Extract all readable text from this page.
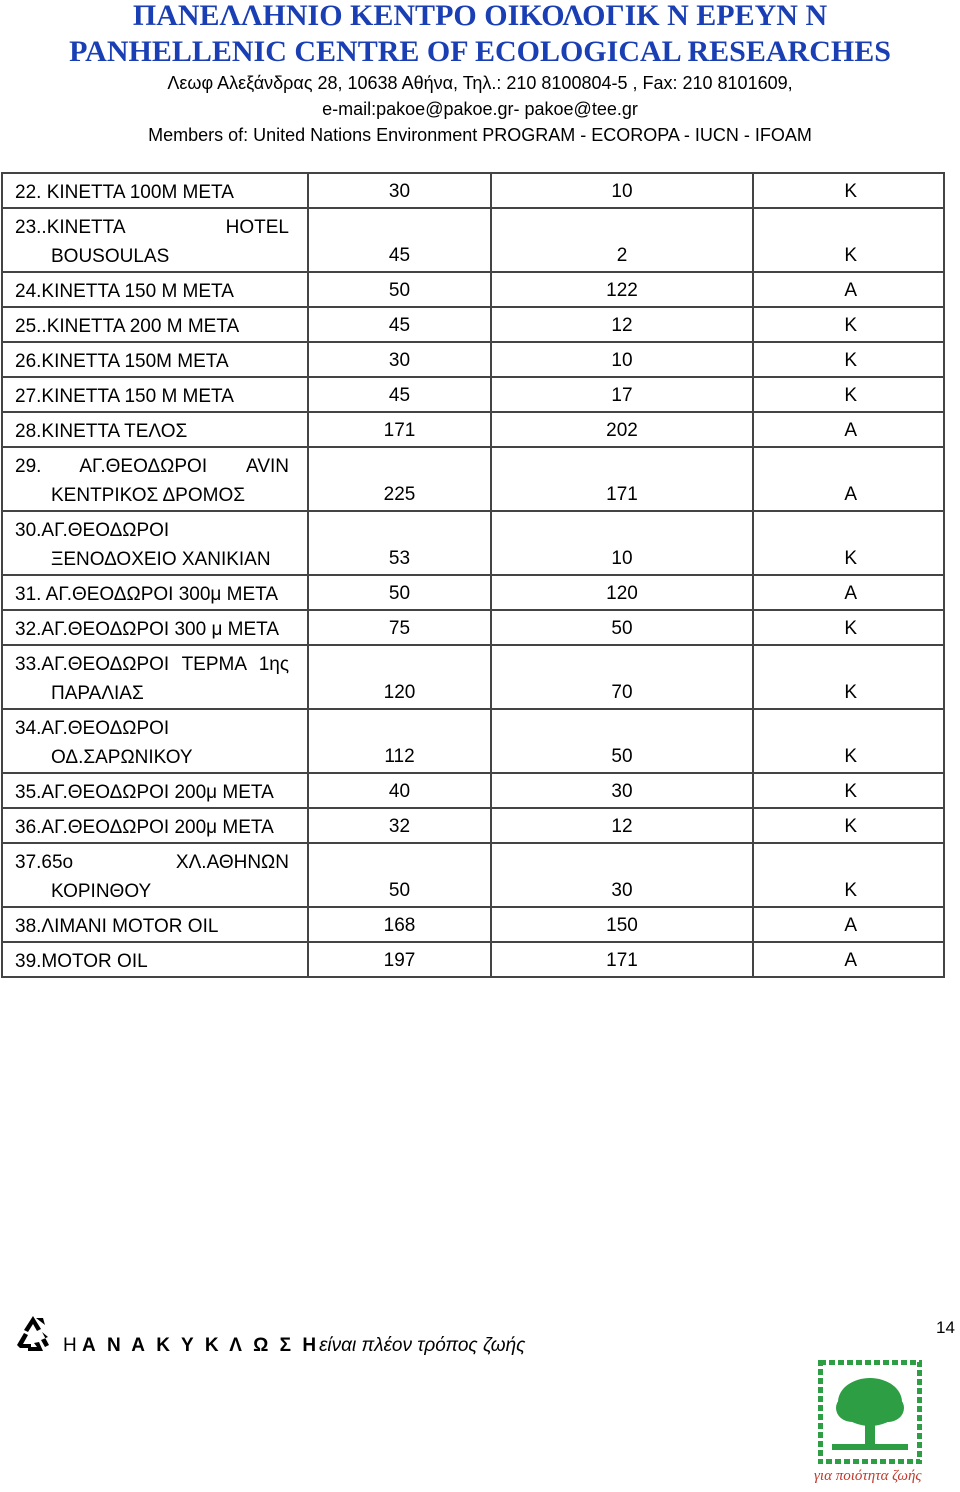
ΠΑΝΕΛΛΗΝΙΟ ΚΕΝΤΡΟ ΟΙΚΟΛΟΓΙΚ Ν ΕΡΕΥΝ Ν
PANHELLENIC CENTRE OF ECOLOGICAL RESEARCHES
Λεωφ Αλεξάνδρας 28, 10638 Αθήνα, Τηλ.: 210 8100804-5 , Fax: 210 8101609,
e-mail:pakoe@pakoe.gr- pakoe@tee.gr
Members of: United Nations Environment PROGRAM - ECOROPA - IUCN - IFOAM
22. ΚΙΝΕΤΤΑ 100Μ ΜΕΤΑ	30	10	Κ

23..ΚΙΝΕΤΤΑ HOTEL BOUSOULAS	45	2	Κ

24.ΚΙΝΕΤΤΑ 150 Μ ΜΕΤΑ	50	122	Α

25..ΚΙΝΕΤΤΑ 200 Μ ΜΕΤΑ	45	12	Κ

26.ΚΙΝΕΤΤΑ 150Μ ΜΕΤΑ	30	10	Κ

27.ΚΙΝΕΤΤΑ 150 Μ ΜΕΤΑ	45	17	Κ

28.ΚΙΝΕΤΤΑ ΤΕΛΟΣ	171	202	Α

29. ΑΓ.ΘΕΟΔΩΡΟΙ AVIN ΚΕΝΤΡΙΚΟΣ ΔΡΟΜΟΣ	225	171	Α

30.ΑΓ.ΘΕΟΔΩΡΟΙ ΞΕΝΟΔΟΧΕΙΟ ΧΑΝΙΚΙΑΝ	53	10	Κ

31. ΑΓ.ΘΕΟΔΩΡΟΙ 300μ ΜΕΤΑ	50	120	Α

32.ΑΓ.ΘΕΟΔΩΡΟΙ 300 μ ΜΕΤΑ	75	50	Κ

33.ΑΓ.ΘΕΟΔΩΡΟΙ ΤΕΡΜΑ 1ης ΠΑΡΑΛΙΑΣ	120	70	Κ

34.ΑΓ.ΘΕΟΔΩΡΟΙ ΟΔ.ΣΑΡΩΝΙΚΟΥ	112	50	Κ

35.ΑΓ.ΘΕΟΔΩΡΟΙ 200μ ΜΕΤΑ	40	30	Κ

36.ΑΓ.ΘΕΟΔΩΡΟΙ 200μ ΜΕΤΑ	32	12	Κ

37.65ο ΧΛ.ΑΘΗΝΩΝ ΚΟΡΙΝΘΟΥ	50	30	Κ

38.ΛΙΜΑΝΙ MOTOR OIL	168	150	Α

39.MOTOR OIL	197	171	Α
Η Α Ν Α Κ Υ Κ Λ Ω Σ Ηείναι πλέον τρόπος ζωής
14
για ποιότητα ζωής
